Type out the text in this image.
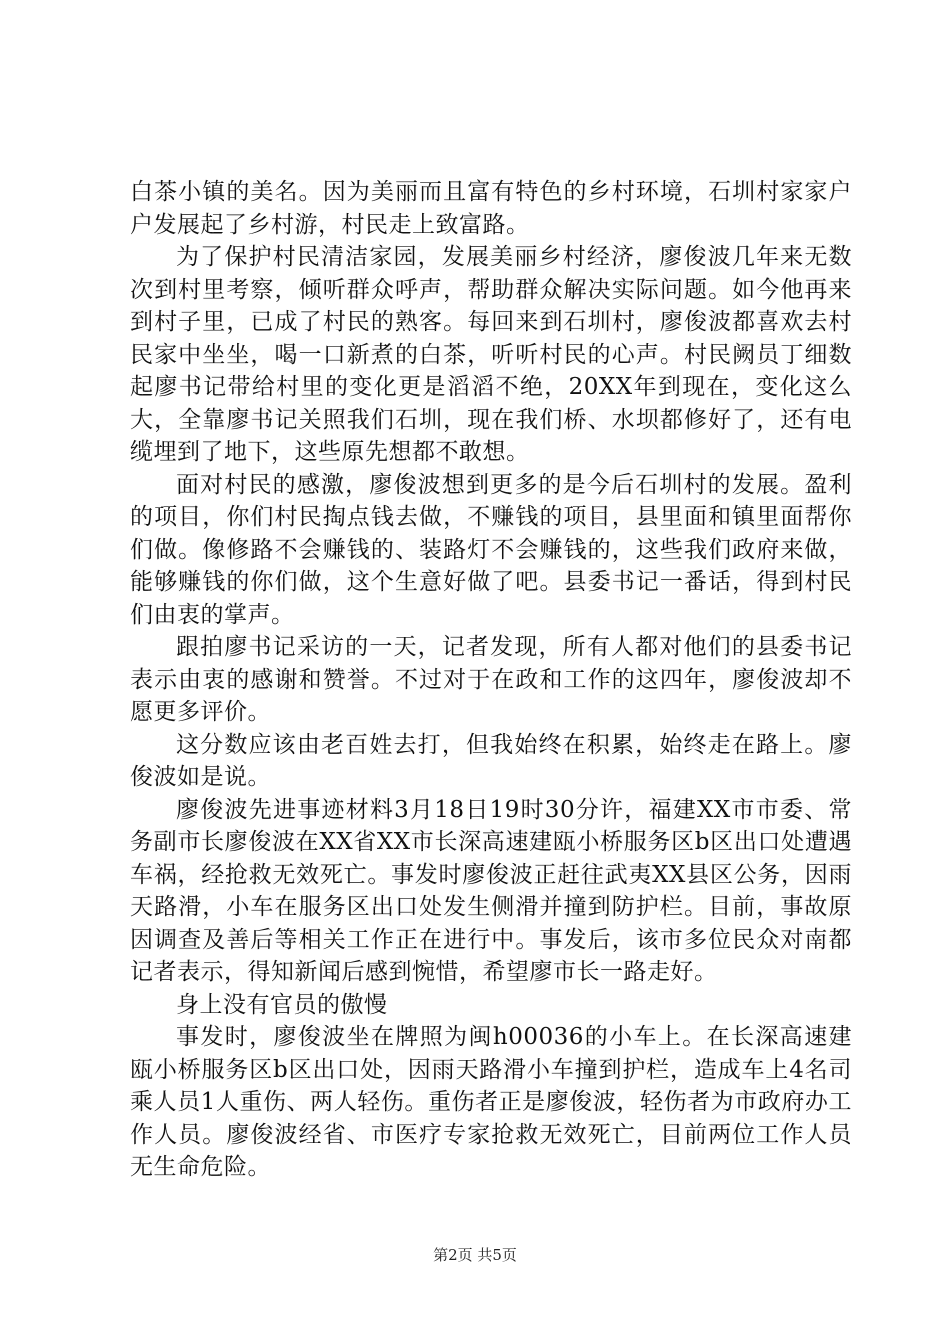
白茶小镇的美名。因为美丽而且富有特色的乡村环境，石圳村家家户户发展起了乡村游，村民走上致富路。

为了保护村民清洁家园，发展美丽乡村经济，廖俊波几年来无数次到村里考察，倾听群众呼声，帮助群众解决实际问题。如今他再来到村子里，已成了村民的熟客。每回来到石圳村，廖俊波都喜欢去村民家中坐坐，喝一口新煮的白茶，听听村民的心声。村民阙员丁细数起廖书记带给村里的变化更是滔滔不绝，20XX年到现在，变化这么大，全靠廖书记关照我们石圳，现在我们桥、水坝都修好了，还有电缆埋到了地下，这些原先想都不敢想。

面对村民的感激，廖俊波想到更多的是今后石圳村的发展。盈利的项目，你们村民掏点钱去做，不赚钱的项目，县里面和镇里面帮你们做。像修路不会赚钱的、装路灯不会赚钱的，这些我们政府来做，能够赚钱的你们做，这个生意好做了吧。县委书记一番话，得到村民们由衷的掌声。

跟拍廖书记采访的一天，记者发现，所有人都对他们的县委书记表示由衷的感谢和赞誉。不过对于在政和工作的这四年，廖俊波却不愿更多评价。

这分数应该由老百姓去打，但我始终在积累，始终走在路上。廖俊波如是说。

廖俊波先进事迹材料3月18日19时30分许，福建XX市市委、常务副市长廖俊波在XX省XX市长深高速建瓯小桥服务区b区出口处遭遇车祸，经抢救无效死亡。事发时廖俊波正赶往武夷XX县区公务，因雨天路滑，小车在服务区出口处发生侧滑并撞到防护栏。目前，事故原因调查及善后等相关工作正在进行中。事发后，该市多位民众对南都记者表示，得知新闻后感到惋惜，希望廖市长一路走好。

身上没有官员的傲慢

事发时，廖俊波坐在牌照为闽h00036的小车上。在长深高速建瓯小桥服务区b区出口处，因雨天路滑小车撞到护栏，造成车上4名司乘人员1人重伤、两人轻伤。重伤者正是廖俊波，轻伤者为市政府办工作人员。廖俊波经省、市医疗专家抢救无效死亡，目前两位工作人员无生命危险。

第2页 共5页
